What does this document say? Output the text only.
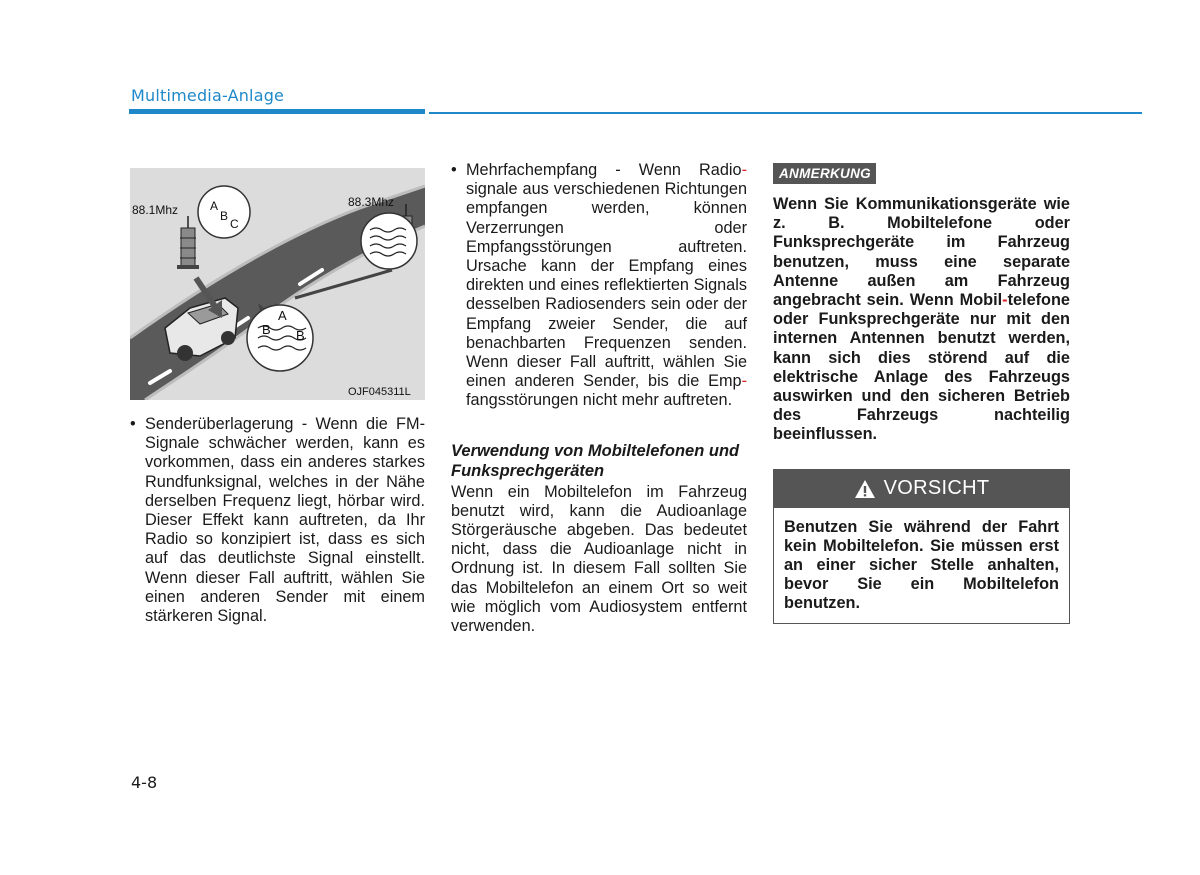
Multimedia-Anlage
88.1Mhz
88.3Mhz
A
B
C
A
B B
OJF045311L
• Senderüberlagerung - Wenn die FM-Signale schwächer werden, kann es vorkommen, dass ein anderes starkes Rundfunksignal, welches in der Nähe derselben Frequenz liegt, hörbar wird. Dieser Effekt kann auftreten, da Ihr Radio so konzipiert ist, dass es sich auf das deutlichste Signal einstellt. Wenn dieser Fall auftritt, wählen Sie einen anderen Sender mit einem stärkeren Signal.
• Mehrfachempfang - Wenn Radio- signale aus verschiedenen Richtungen empfangen werden, können Verzerrungen oder Empfangsstörungen auftreten. Ursache kann der Empfang eines direkten und eines reflektierten Signals desselben Radiosenders sein oder der Empfang zweier Sender, die auf benachbarten Frequenzen senden. Wenn dieser Fall auftritt, wählen Sie einen anderen Sender, bis die Emp-fangsstörungen nicht mehr auftreten.
Verwendung von Mobiltelefonen und Funksprechgeräten
Wenn ein Mobiltelefon im Fahrzeug benutzt wird, kann die Audioanlage Störgeräusche abgeben. Das bedeutet nicht, dass die Audioanlage nicht in Ordnung ist. In diesem Fall sollten Sie das Mobiltelefon an einem Ort so weit wie möglich vom Audiosystem entfernt verwenden.
ANMERKUNG
Wenn Sie Kommunikationsgeräte wie z. B. Mobiltelefone oder Funksprechgeräte im Fahrzeug benutzen, muss eine separate Antenne außen am Fahrzeug angebracht sein. Wenn Mobil-telefone oder Funksprechgeräte nur mit den internen Antennen benutzt werden, kann sich dies störend auf die elektrische Anlage des Fahrzeugs auswirken und den sicheren Betrieb des Fahrzeugs nachteilig beeinflussen.
VORSICHT
Benutzen Sie während der Fahrt kein Mobiltelefon. Sie müssen erst an einer sicher Stelle anhalten, bevor Sie ein Mobiltelefon benutzen.
4-8
